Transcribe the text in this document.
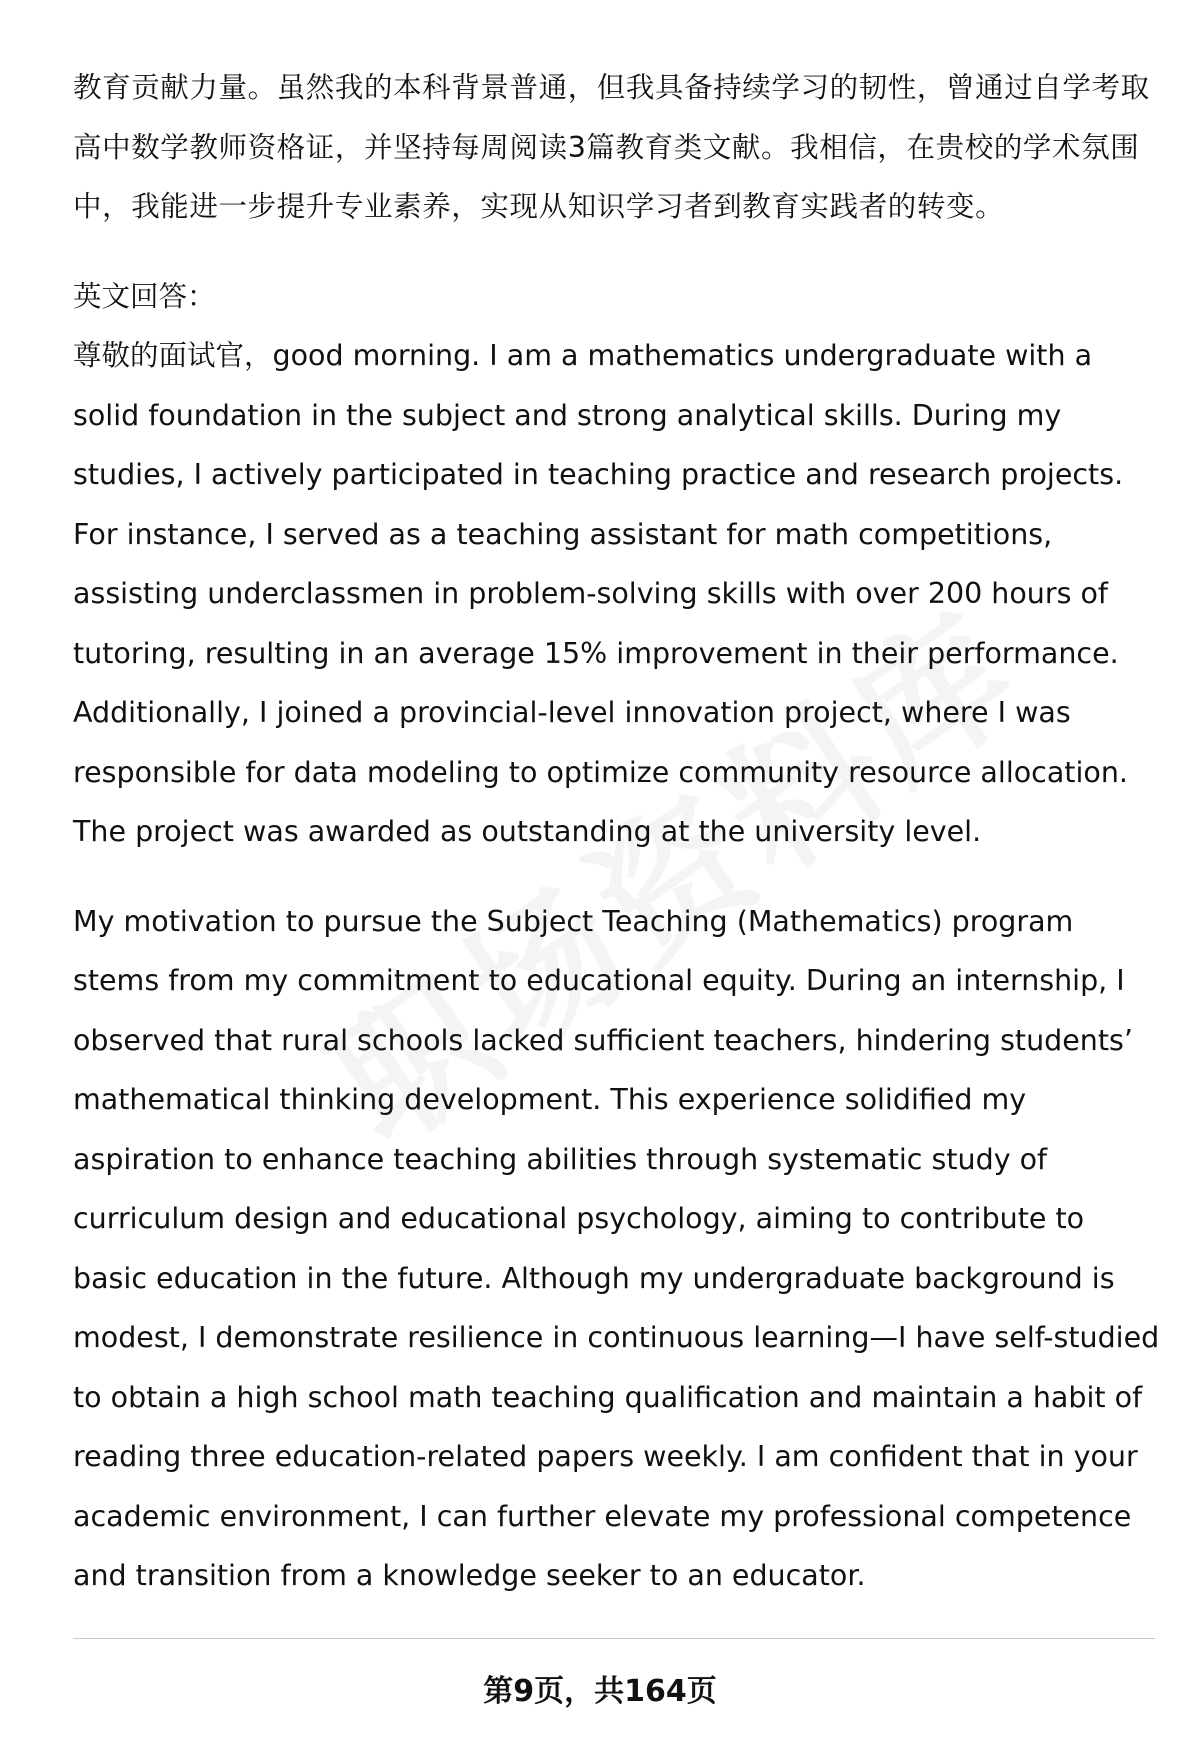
教育贡献力量。虽然我的本科背景普通，但我具备持续学习的韧性，曾通过自学考取高中数学教师资格证，并坚持每周阅读3篇教育类文献。我相信，在贵校的学术氛围中，我能进一步提升专业素养，实现从知识学习者到教育实践者的转变。

英文回答：

尊敬的面试官，good morning. I am a mathematics undergraduate with a solid foundation in the subject and strong analytical skills. During my studies, I actively participated in teaching practice and research projects. For instance, I served as a teaching assistant for math competitions, assisting underclassmen in problem-solving skills with over 200 hours of tutoring, resulting in an average 15% improvement in their performance. Additionally, I joined a provincial-level innovation project, where I was responsible for data modeling to optimize community resource allocation. The project was awarded as outstanding at the university level.

My motivation to pursue the Subject Teaching (Mathematics) program stems from my commitment to educational equity. During an internship, I observed that rural schools lacked sufficient teachers, hindering students’ mathematical thinking development. This experience solidified my aspiration to enhance teaching abilities through systematic study of curriculum design and educational psychology, aiming to contribute to basic education in the future. Although my undergraduate background is modest, I demonstrate resilience in continuous learning—I have self-studied to obtain a high school math teaching qualification and maintain a habit of reading three education-related papers weekly. I am confident that in your academic environment, I can further elevate my professional competence and transition from a knowledge seeker to an educator.

第9页，共164页
